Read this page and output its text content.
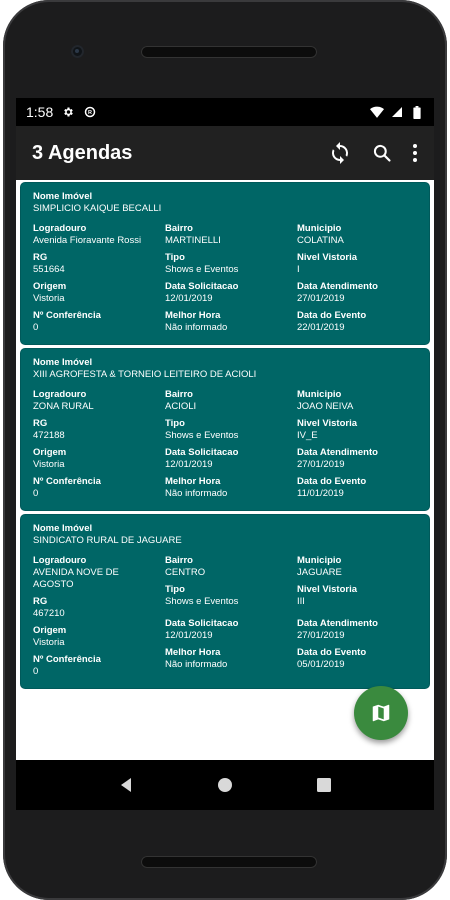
1:58	R
3 Agendas
Nome Imóvel
SIMPLICIO KAIQUE BECALLI
Logradouro
Avenida Fioravante Rossi
Bairro
MARTINELLI
Municipio
COLATINA
RG
551664
Tipo
Shows e Eventos
Nivel Vistoria
I
Origem
Vistoria
Data Solicitacao
12/01/2019
Data Atendimento
27/01/2019
Nº Conferência
0
Melhor Hora
Não informado
Data do Evento
22/01/2019
Nome Imóvel
XIII AGROFESTA & TORNEIO LEITEIRO DE ACIOLI
Logradouro
ZONA RURAL
Bairro
ACIOLI
Municipio
JOAO NEIVA
RG
472188
Tipo
Shows e Eventos
Nivel Vistoria
IV_E
Origem
Vistoria
Data Solicitacao
12/01/2019
Data Atendimento
27/01/2019
Nº Conferência
0
Melhor Hora
Não informado
Data do Evento
11/01/2019
Nome Imóvel
SINDICATO RURAL DE JAGUARE
Logradouro
AVENIDA NOVE DE AGOSTO
Bairro
CENTRO
Municipio
JAGUARE
RG
467210
Tipo
Shows e Eventos
Nivel Vistoria
III
Origem
Vistoria
Data Solicitacao
12/01/2019
Data Atendimento
27/01/2019
Nº Conferência
0
Melhor Hora
Não informado
Data do Evento
05/01/2019
